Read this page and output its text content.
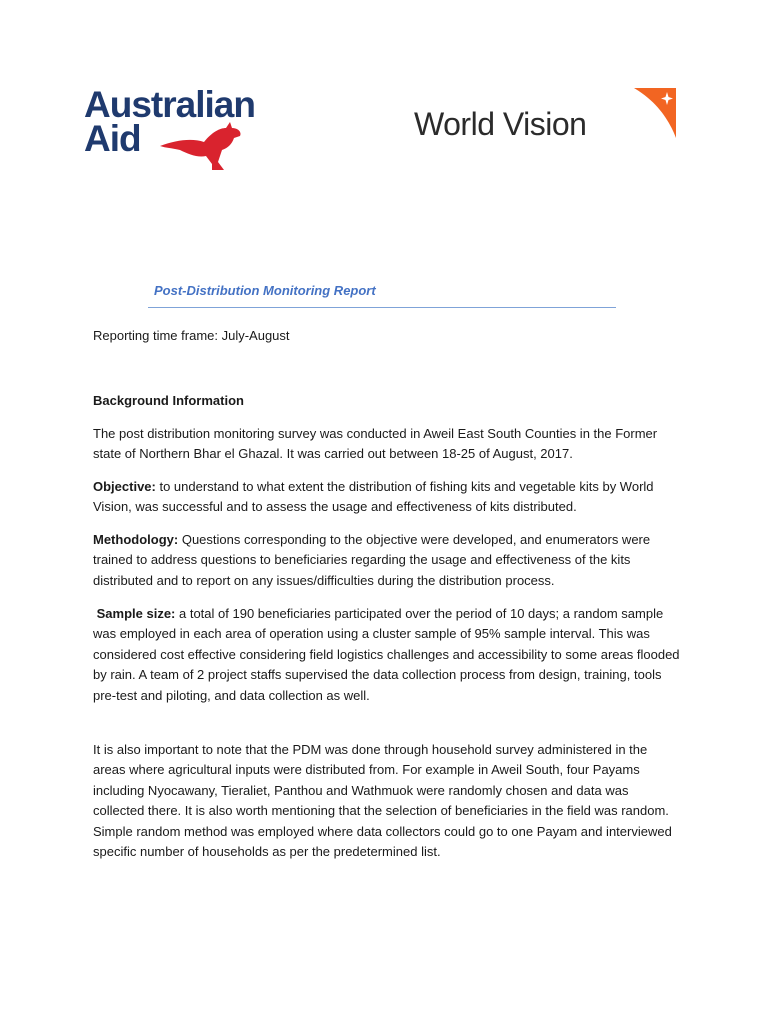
Australian
Aid	World Vision
Post-Distribution Monitoring Report
Reporting time frame: July-August
Background Information
The post distribution monitoring survey was conducted in Aweil East South Counties in the Former state of Northern Bhar el Ghazal. It was carried out between 18-25 of August, 2017.
Objective: to understand to what extent the distribution of fishing kits and vegetable kits by World Vision, was successful and to assess the usage and effectiveness of kits distributed.
Methodology: Questions corresponding to the objective were developed, and enumerators were trained to address questions to beneficiaries regarding the usage and effectiveness of the kits distributed and to report on any issues/difficulties during the distribution process.
Sample size: a total of 190 beneficiaries participated over the period of 10 days; a random sample was employed in each area of operation using a cluster sample of 95% sample interval. This was considered cost effective considering field logistics challenges and accessibility to some areas flooded by rain. A team of 2 project staffs supervised the data collection process from design, training, tools pre-test and piloting, and data collection as well.
It is also important to note that the PDM was done through household survey administered in the areas where agricultural inputs were distributed from. For example in Aweil South, four Payams including Nyocawany, Tieraliet, Panthou and Wathmuok were randomly chosen and data was collected there. It is also worth mentioning that the selection of beneficiaries in the field was random. Simple random method was employed where data collectors could go to one Payam and interviewed specific number of households as per the predetermined list.
